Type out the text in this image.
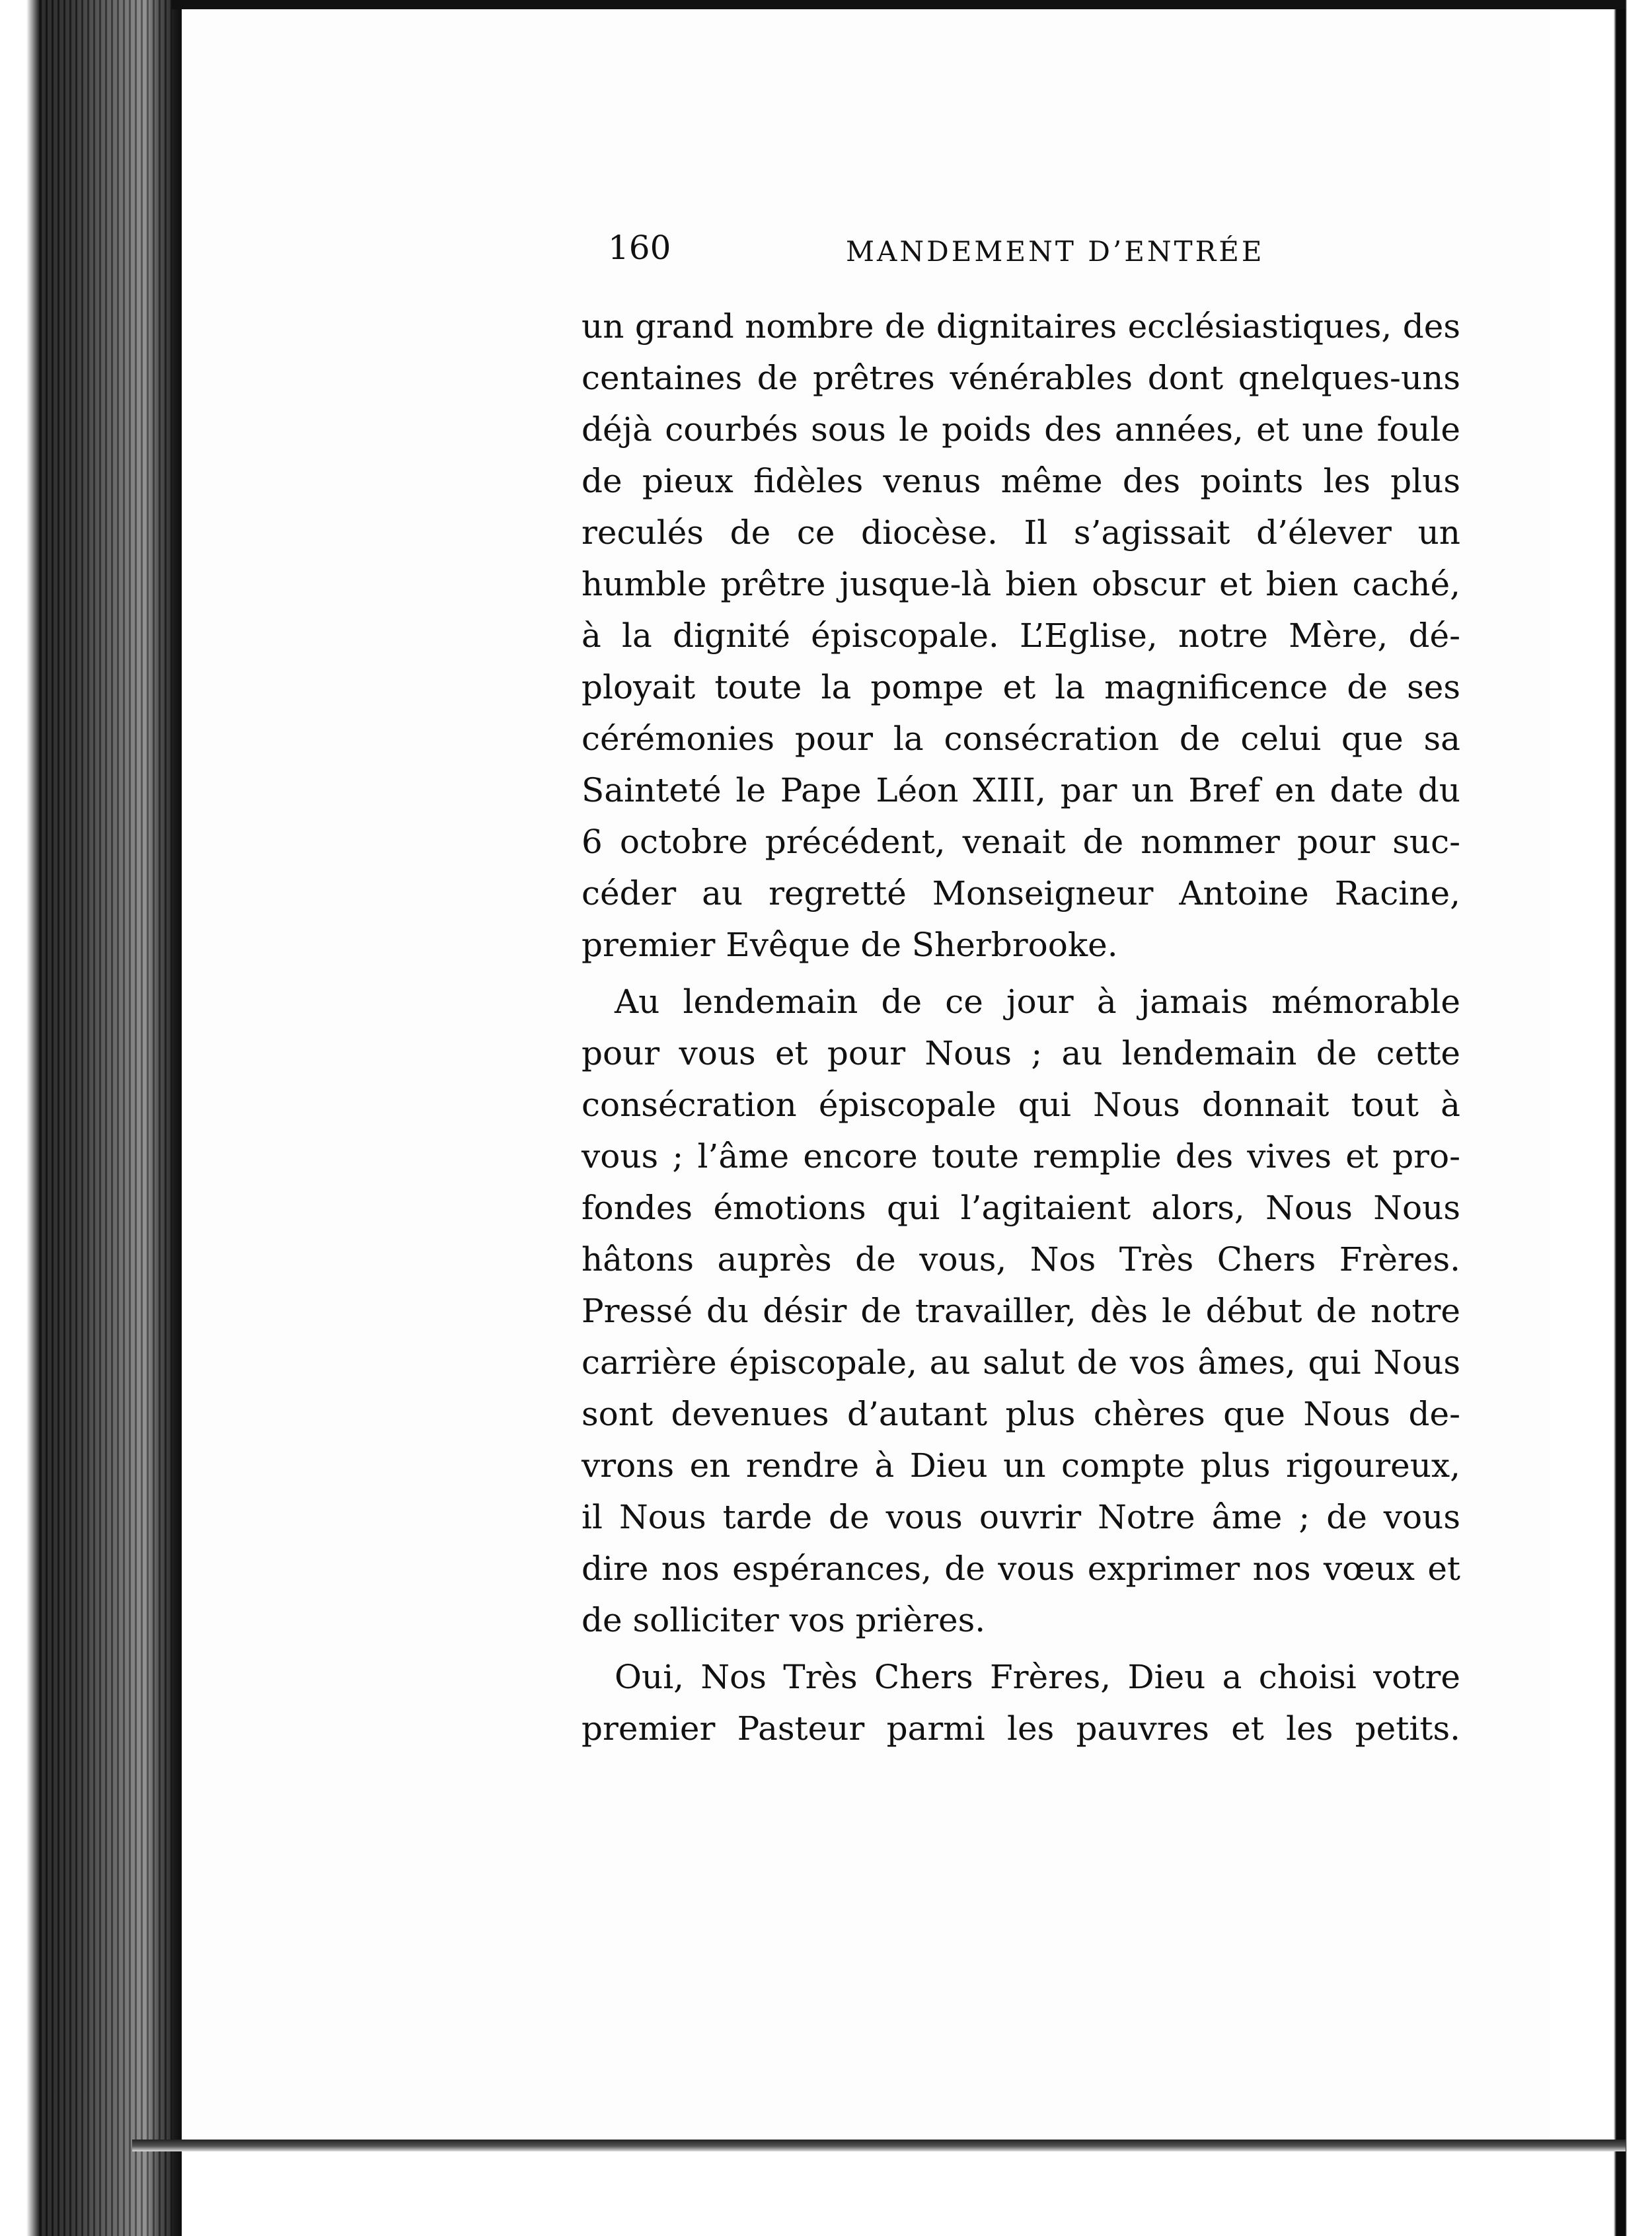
160	MANDEMENT D’ENTRÉE
un grand nombre de dignitaires ecclésiastiques, des
centaines de prêtres vénérables dont qnelques-uns
déjà courbés sous le poids des années, et une foule
de pieux fidèles venus même des points les plus
reculés de ce diocèse. Il s’agissait d’élever un
humble prêtre jusque-là bien obscur et bien caché,
à la dignité épiscopale. L’Eglise, notre Mère, dé-
ployait toute la pompe et la magnificence de ses
cérémonies pour la consécration de celui que sa
Sainteté le Pape Léon XIII, par un Bref en date du
6 octobre précédent, venait de nommer pour suc-
céder au regretté Monseigneur Antoine Racine,
premier Evêque de Sherbrooke.
Au lendemain de ce jour à jamais mémorable
pour vous et pour Nous ; au lendemain de cette
consécration épiscopale qui Nous donnait tout à
vous ; l’âme encore toute remplie des vives et pro-
fondes émotions qui l’agitaient alors, Nous Nous
hâtons auprès de vous, Nos Très Chers Frères.
Pressé du désir de travailler, dès le début de notre
carrière épiscopale, au salut de vos âmes, qui Nous
sont devenues d’autant plus chères que Nous de-
vrons en rendre à Dieu un compte plus rigoureux,
il Nous tarde de vous ouvrir Notre âme ; de vous
dire nos espérances, de vous exprimer nos vœux et
de solliciter vos prières.
Oui, Nos Très Chers Frères, Dieu a choisi votre
premier Pasteur parmi les pauvres et les petits.
